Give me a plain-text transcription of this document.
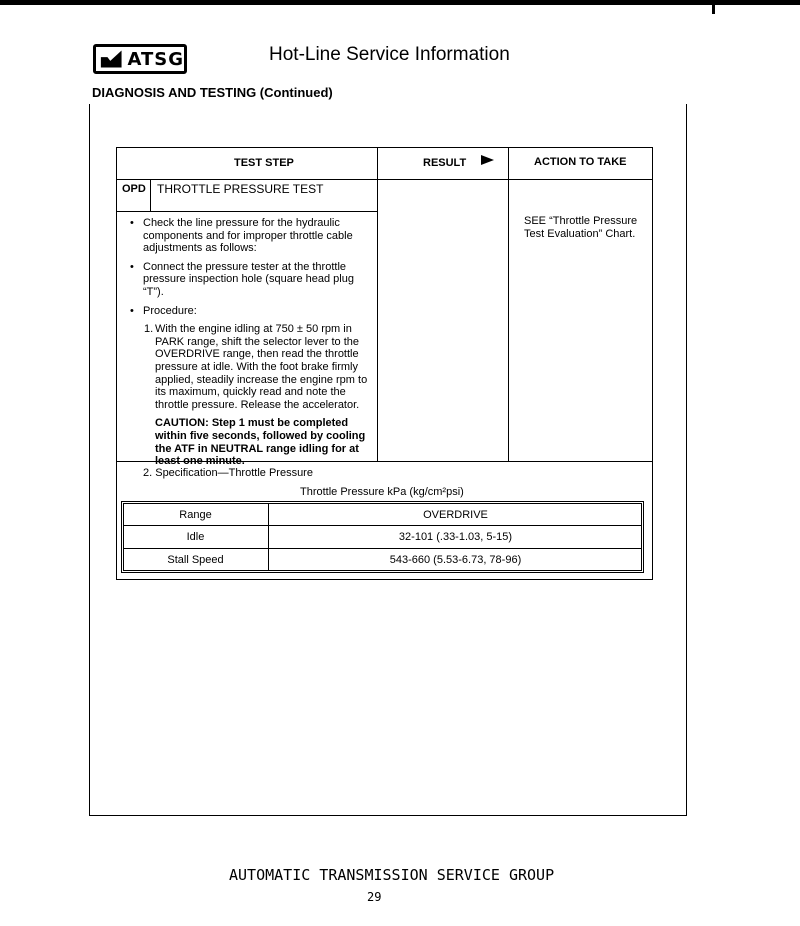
ATSG	Hot-Line Service Information
DIAGNOSIS AND TESTING (Continued)
TEST STEP	RESULT	ACTION TO TAKE
OPD THROTTLE PRESSURE TEST
• Check the line pressure for the hydraulic components and for improper throttle cable adjustments as follows:
• Connect the pressure tester at the throttle pressure inspection hole (square head plug “T”).
• Procedure:
1. With the engine idling at 750 ± 50 rpm in PARK range, shift the selector lever to the OVERDRIVE range, then read the throttle pressure at idle. With the foot brake firmly applied, steadily increase the engine rpm to its maximum, quickly read and note the throttle pressure. Release the accelerator.
CAUTION: Step 1 must be completed within five seconds, followed by cooling the ATF in NEUTRAL range idling for at least one minute.
SEE “Throttle Pressure Test Evaluation” Chart.
2. Specification—Throttle Pressure
Throttle Pressure kPa (kg/cm²psi)
Range	OVERDRIVE
Idle	32-101 (.33-1.03, 5-15)
Stall Speed	543-660 (5.53-6.73, 78-96)
AUTOMATIC TRANSMISSION SERVICE GROUP
29
